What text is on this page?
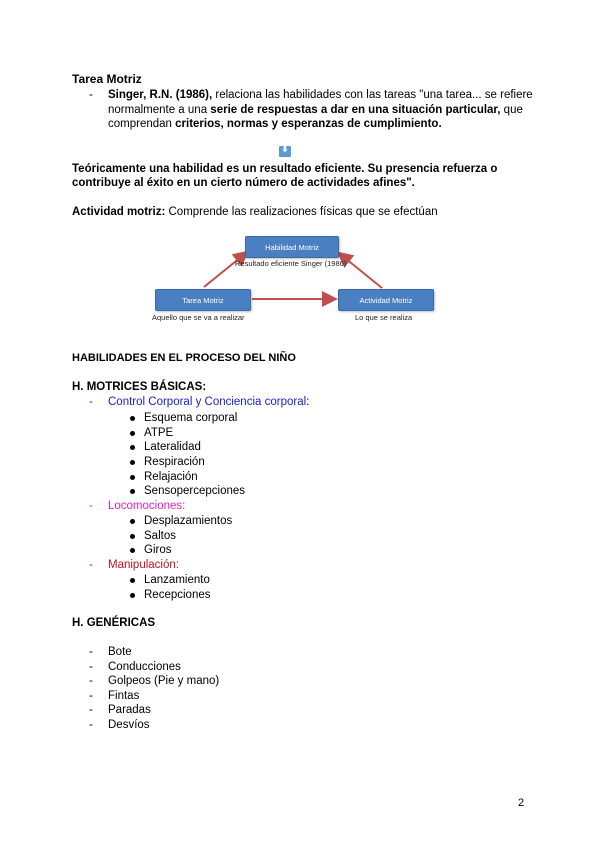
Tarea Motriz
- Singer, R.N. (1986), relaciona las habilidades con las tareas "una tarea... se refiere
normalmente a una serie de respuestas a dar en una situación particular, que
comprendan criterios, normas y esperanzas de cumplimiento.
⬇
Teóricamente una habilidad es un resultado eficiente. Su presencia refuerza o
contribuye al éxito en un cierto número de actividades afines".
Actividad motriz: Comprende las realizaciones físicas que se efectúan
Habilidad Motriz
Resultado eficiente Singer (1986)
Tarea Motriz
Aquello que se va a realizar
Actividad Motriz
Lo que se realiza
HABILIDADES EN EL PROCESO DEL NIÑO
H. MOTRICES BÁSICAS:
- Control Corporal y Conciencia corporal:
Esquema corporal
ATPE
Lateralidad
Respiración
Relajación
Sensopercepciones
- Locomociones:
Desplazamientos
Saltos
Giros
- Manipulación:
Lanzamiento
Recepciones
H. GENÉRICAS
- Bote
- Conducciones
- Golpeos (Pie y mano)
- Fintas
- Paradas
- Desvíos
2
